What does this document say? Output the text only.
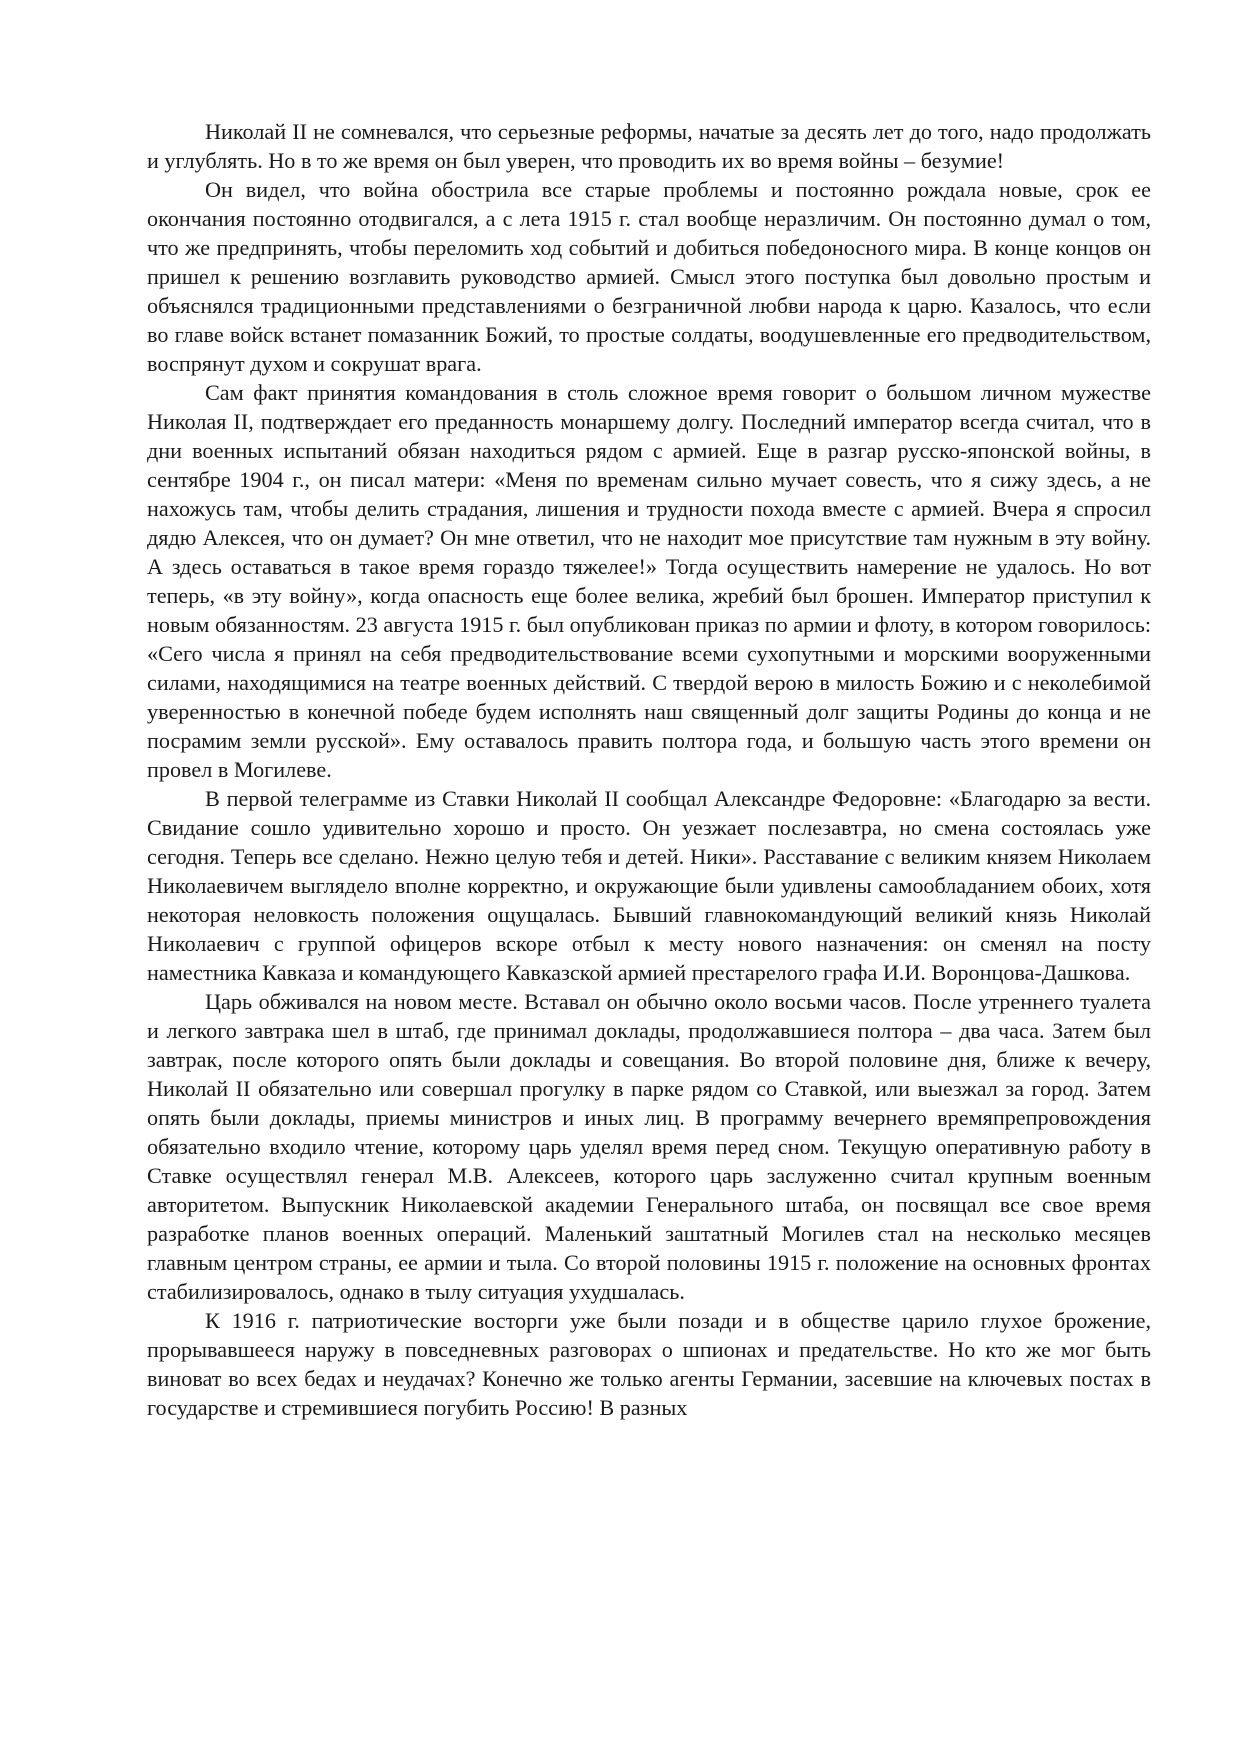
Николай II не сомневался, что серьезные реформы, начатые за десять лет до того, надо продолжать и углублять. Но в то же время он был уверен, что проводить их во время войны – безумие!

Он видел, что война обострила все старые проблемы и постоянно рождала новые, срок ее окончания постоянно отодвигался, а с лета 1915 г. стал вообще неразличим. Он постоянно думал о том, что же предпринять, чтобы переломить ход событий и добиться победоносного мира. В конце концов он пришел к решению возглавить руководство армией. Смысл этого поступка был довольно простым и объяснялся традиционными представлениями о безграничной любви народа к царю. Казалось, что если во главе войск встанет помазанник Божий, то простые солдаты, воодушевленные его предводительством, воспрянут духом и сокрушат врага.

Сам факт принятия командования в столь сложное время говорит о большом личном мужестве Николая II, подтверждает его преданность монаршему долгу. Последний император всегда считал, что в дни военных испытаний обязан находиться рядом с армией. Еще в разгар русско-японской войны, в сентябре 1904 г., он писал матери: «Меня по временам сильно мучает совесть, что я сижу здесь, а не нахожусь там, чтобы делить страдания, лишения и трудности похода вместе с армией. Вчера я спросил дядю Алексея, что он думает? Он мне ответил, что не находит мое присутствие там нужным в эту войну. А здесь оставаться в такое время гораздо тяжелее!» Тогда осуществить намерение не удалось. Но вот теперь, «в эту войну», когда опасность еще более велика, жребий был брошен. Император приступил к новым обязанностям. 23 августа 1915 г. был опубликован приказ по армии и флоту, в котором говорилось: «Сего числа я принял на себя предводительствование всеми сухопутными и морскими вооруженными силами, находящимися на театре военных действий. С твердой верою в милость Божию и с неколебимой уверенностью в конечной победе будем исполнять наш священный долг защиты Родины до конца и не посрамим земли русской». Ему оставалось править полтора года, и большую часть этого времени он провел в Могилеве.

В первой телеграмме из Ставки Николай II сообщал Александре Федоровне: «Благодарю за вести. Свидание сошло удивительно хорошо и просто. Он уезжает послезавтра, но смена состоялась уже сегодня. Теперь все сделано. Нежно целую тебя и детей. Ники». Расставание с великим князем Николаем Николаевичем выглядело вполне корректно, и окружающие были удивлены самообладанием обоих, хотя некоторая неловкость положения ощущалась. Бывший главнокомандующий великий князь Николай Николаевич с группой офицеров вскоре отбыл к месту нового назначения: он сменял на посту наместника Кавказа и командующего Кавказской армией престарелого графа И.И. Воронцова-Дашкова.

Царь обживался на новом месте. Вставал он обычно около восьми часов. После утреннего туалета и легкого завтрака шел в штаб, где принимал доклады, продолжавшиеся полтора – два часа. Затем был завтрак, после которого опять были доклады и совещания. Во второй половине дня, ближе к вечеру, Николай II обязательно или совершал прогулку в парке рядом со Ставкой, или выезжал за город. Затем опять были доклады, приемы министров и иных лиц. В программу вечернего времяпрепровождения обязательно входило чтение, которому царь уделял время перед сном. Текущую оперативную работу в Ставке осуществлял генерал М.В. Алексеев, которого царь заслуженно считал крупным военным авторитетом. Выпускник Николаевской академии Генерального штаба, он посвящал все свое время разработке планов военных операций. Маленький заштатный Могилев стал на несколько месяцев главным центром страны, ее армии и тыла. Со второй половины 1915 г. положение на основных фронтах стабилизировалось, однако в тылу ситуация ухудшалась.

К 1916 г. патриотические восторги уже были позади и в обществе царило глухое брожение, прорывавшееся наружу в повседневных разговорах о шпионах и предательстве. Но кто же мог быть виноват во всех бедах и неудачах? Конечно же только агенты Германии, засевшие на ключевых постах в государстве и стремившиеся погубить Россию! В разных
